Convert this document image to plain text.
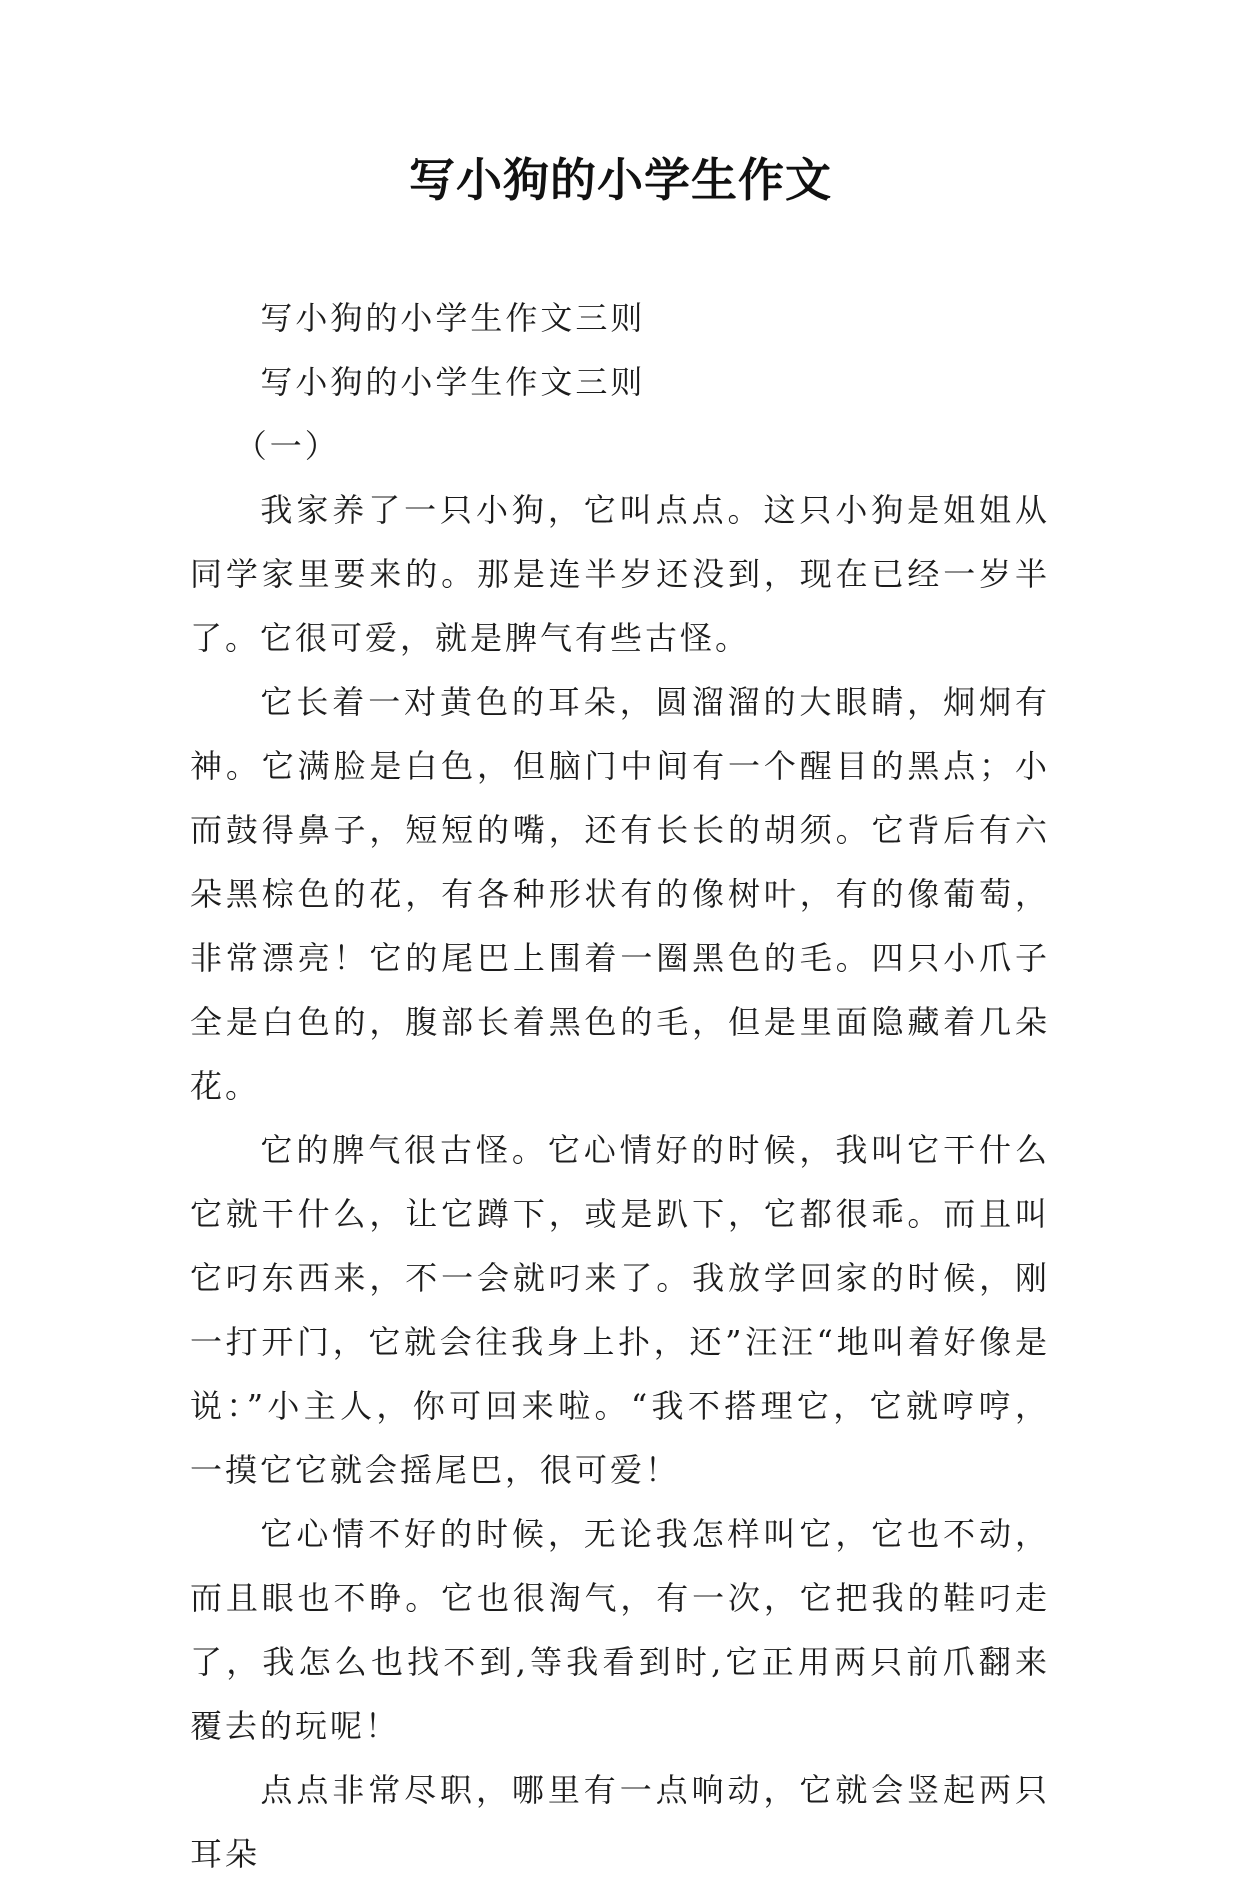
写小狗的小学生作文

写小狗的小学生作文三则

写小狗的小学生作文三则

（一）

我家养了一只小狗，它叫点点。这只小狗是姐姐从同学家里要来的。那是连半岁还没到，现在已经一岁半了。它很可爱，就是脾气有些古怪。

它长着一对黄色的耳朵，圆溜溜的大眼睛，炯炯有神。它满脸是白色，但脑门中间有一个醒目的黑点；小而鼓得鼻子，短短的嘴，还有长长的胡须。它背后有六朵黑棕色的花，有各种形状有的像树叶，有的像葡萄，非常漂亮！它的尾巴上围着一圈黑色的毛。四只小爪子全是白色的，腹部长着黑色的毛，但是里面隐藏着几朵花。

它的脾气很古怪。它心情好的时候，我叫它干什么它就干什么，让它蹲下，或是趴下，它都很乖。而且叫它叼东西来，不一会就叼来了。我放学回家的时候，刚一打开门，它就会往我身上扑，还”汪汪“地叫着好像是说：”小主人，你可回来啦。“我不搭理它，它就哼哼，一摸它它就会摇尾巴，很可爱！

它心情不好的时候，无论我怎样叫它，它也不动，而且眼也不睁。它也很淘气，有一次，它把我的鞋叼走了，我怎么也找不到,等我看到时,它正用两只前爪翻来覆去的玩呢！

点点非常尽职，哪里有一点响动，它就会竖起两只耳朵
